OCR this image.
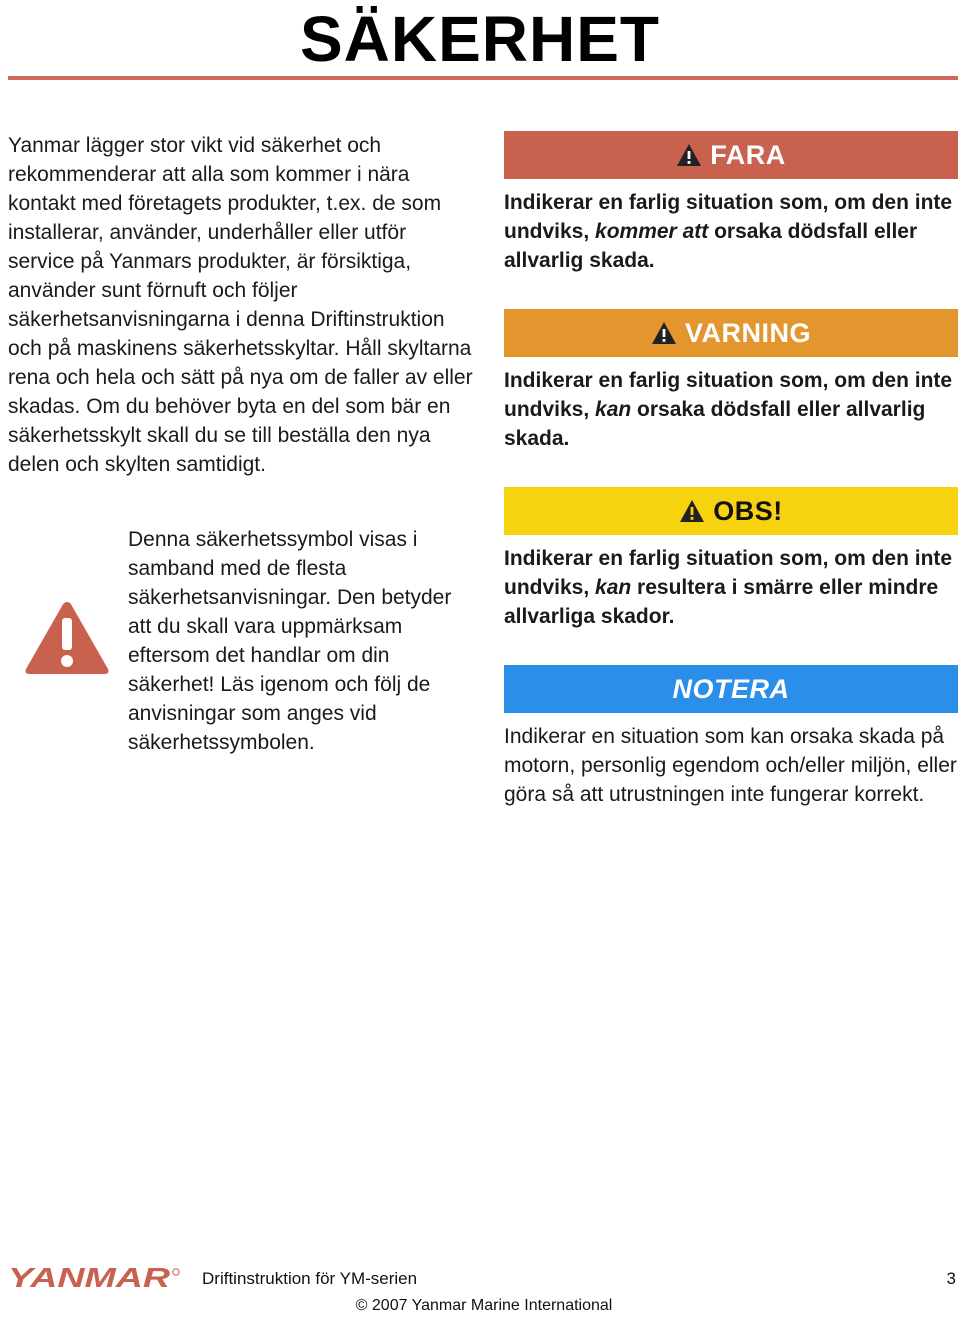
SÄKERHET

Yanmar lägger stor vikt vid säkerhet och rekommenderar att alla som kommer i nära kontakt med företagets produkter, t.ex. de som installerar, använder, underhåller eller utför service på Yanmars produkter, är försiktiga, använder sunt förnuft och följer säkerhetsanvisningarna i denna Driftinstruktion och på maskinens säkerhetsskyltar. Håll skyltarna rena och hela och sätt på nya om de faller av eller skadas. Om du behöver byta en del som bär en säkerhetsskylt skall du se till beställa den nya delen och skylten samtidigt.

Denna säkerhetssymbol visas i samband med de flesta säkerhetsanvisningar. Den betyder att du skall vara uppmärksam eftersom det handlar om din säkerhet! Läs igenom och följ de anvisningar som anges vid säkerhetssymbolen.

FARA

Indikerar en farlig situation som, om den inte undviks, kommer att orsaka dödsfall eller allvarlig skada.

VARNING

Indikerar en farlig situation som, om den inte undviks, kan orsaka dödsfall eller allvarlig skada.

OBS!

Indikerar en farlig situation som, om den inte undviks, kan resultera i smärre eller mindre allvarliga skador.

NOTERA

Indikerar en situation som kan orsaka skada på motorn, personlig egendom och/eller miljön, eller göra så att utrustningen inte fungerar korrekt.

YANMAR Driftinstruktion för YM-serien	3
© 2007 Yanmar Marine International
